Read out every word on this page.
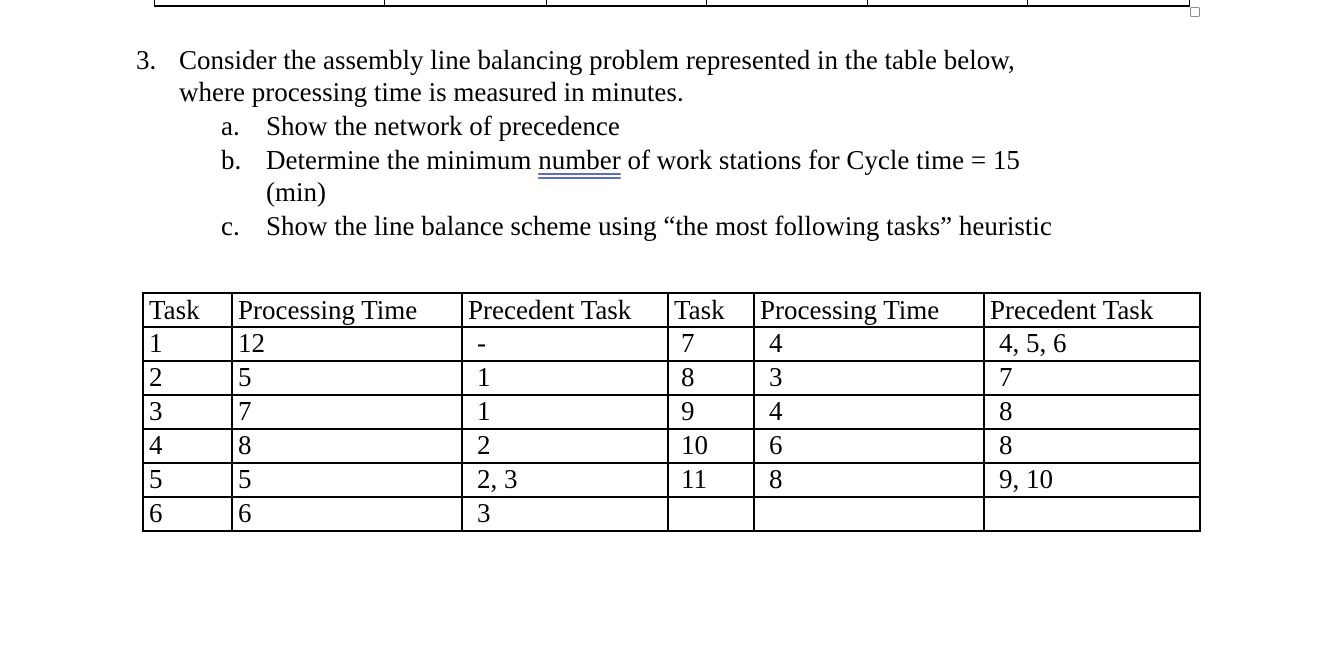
3. Consider the assembly line balancing problem represented in the table below,
where processing time is measured in minutes.
a. Show the network of precedence
b. Determine the minimum number of work stations for Cycle time = 15
(min)
c. Show the line balance scheme using “the most following tasks” heuristic
Task	Processing Time	Precedent Task	Task	Processing Time	Precedent Task
1	12	-	7	4	4, 5, 6
2	5	1	8	3	7
3	7	1	9	4	8
4	8	2	10	6	8
5	5	2, 3	11	8	9, 10
6	6	3			
